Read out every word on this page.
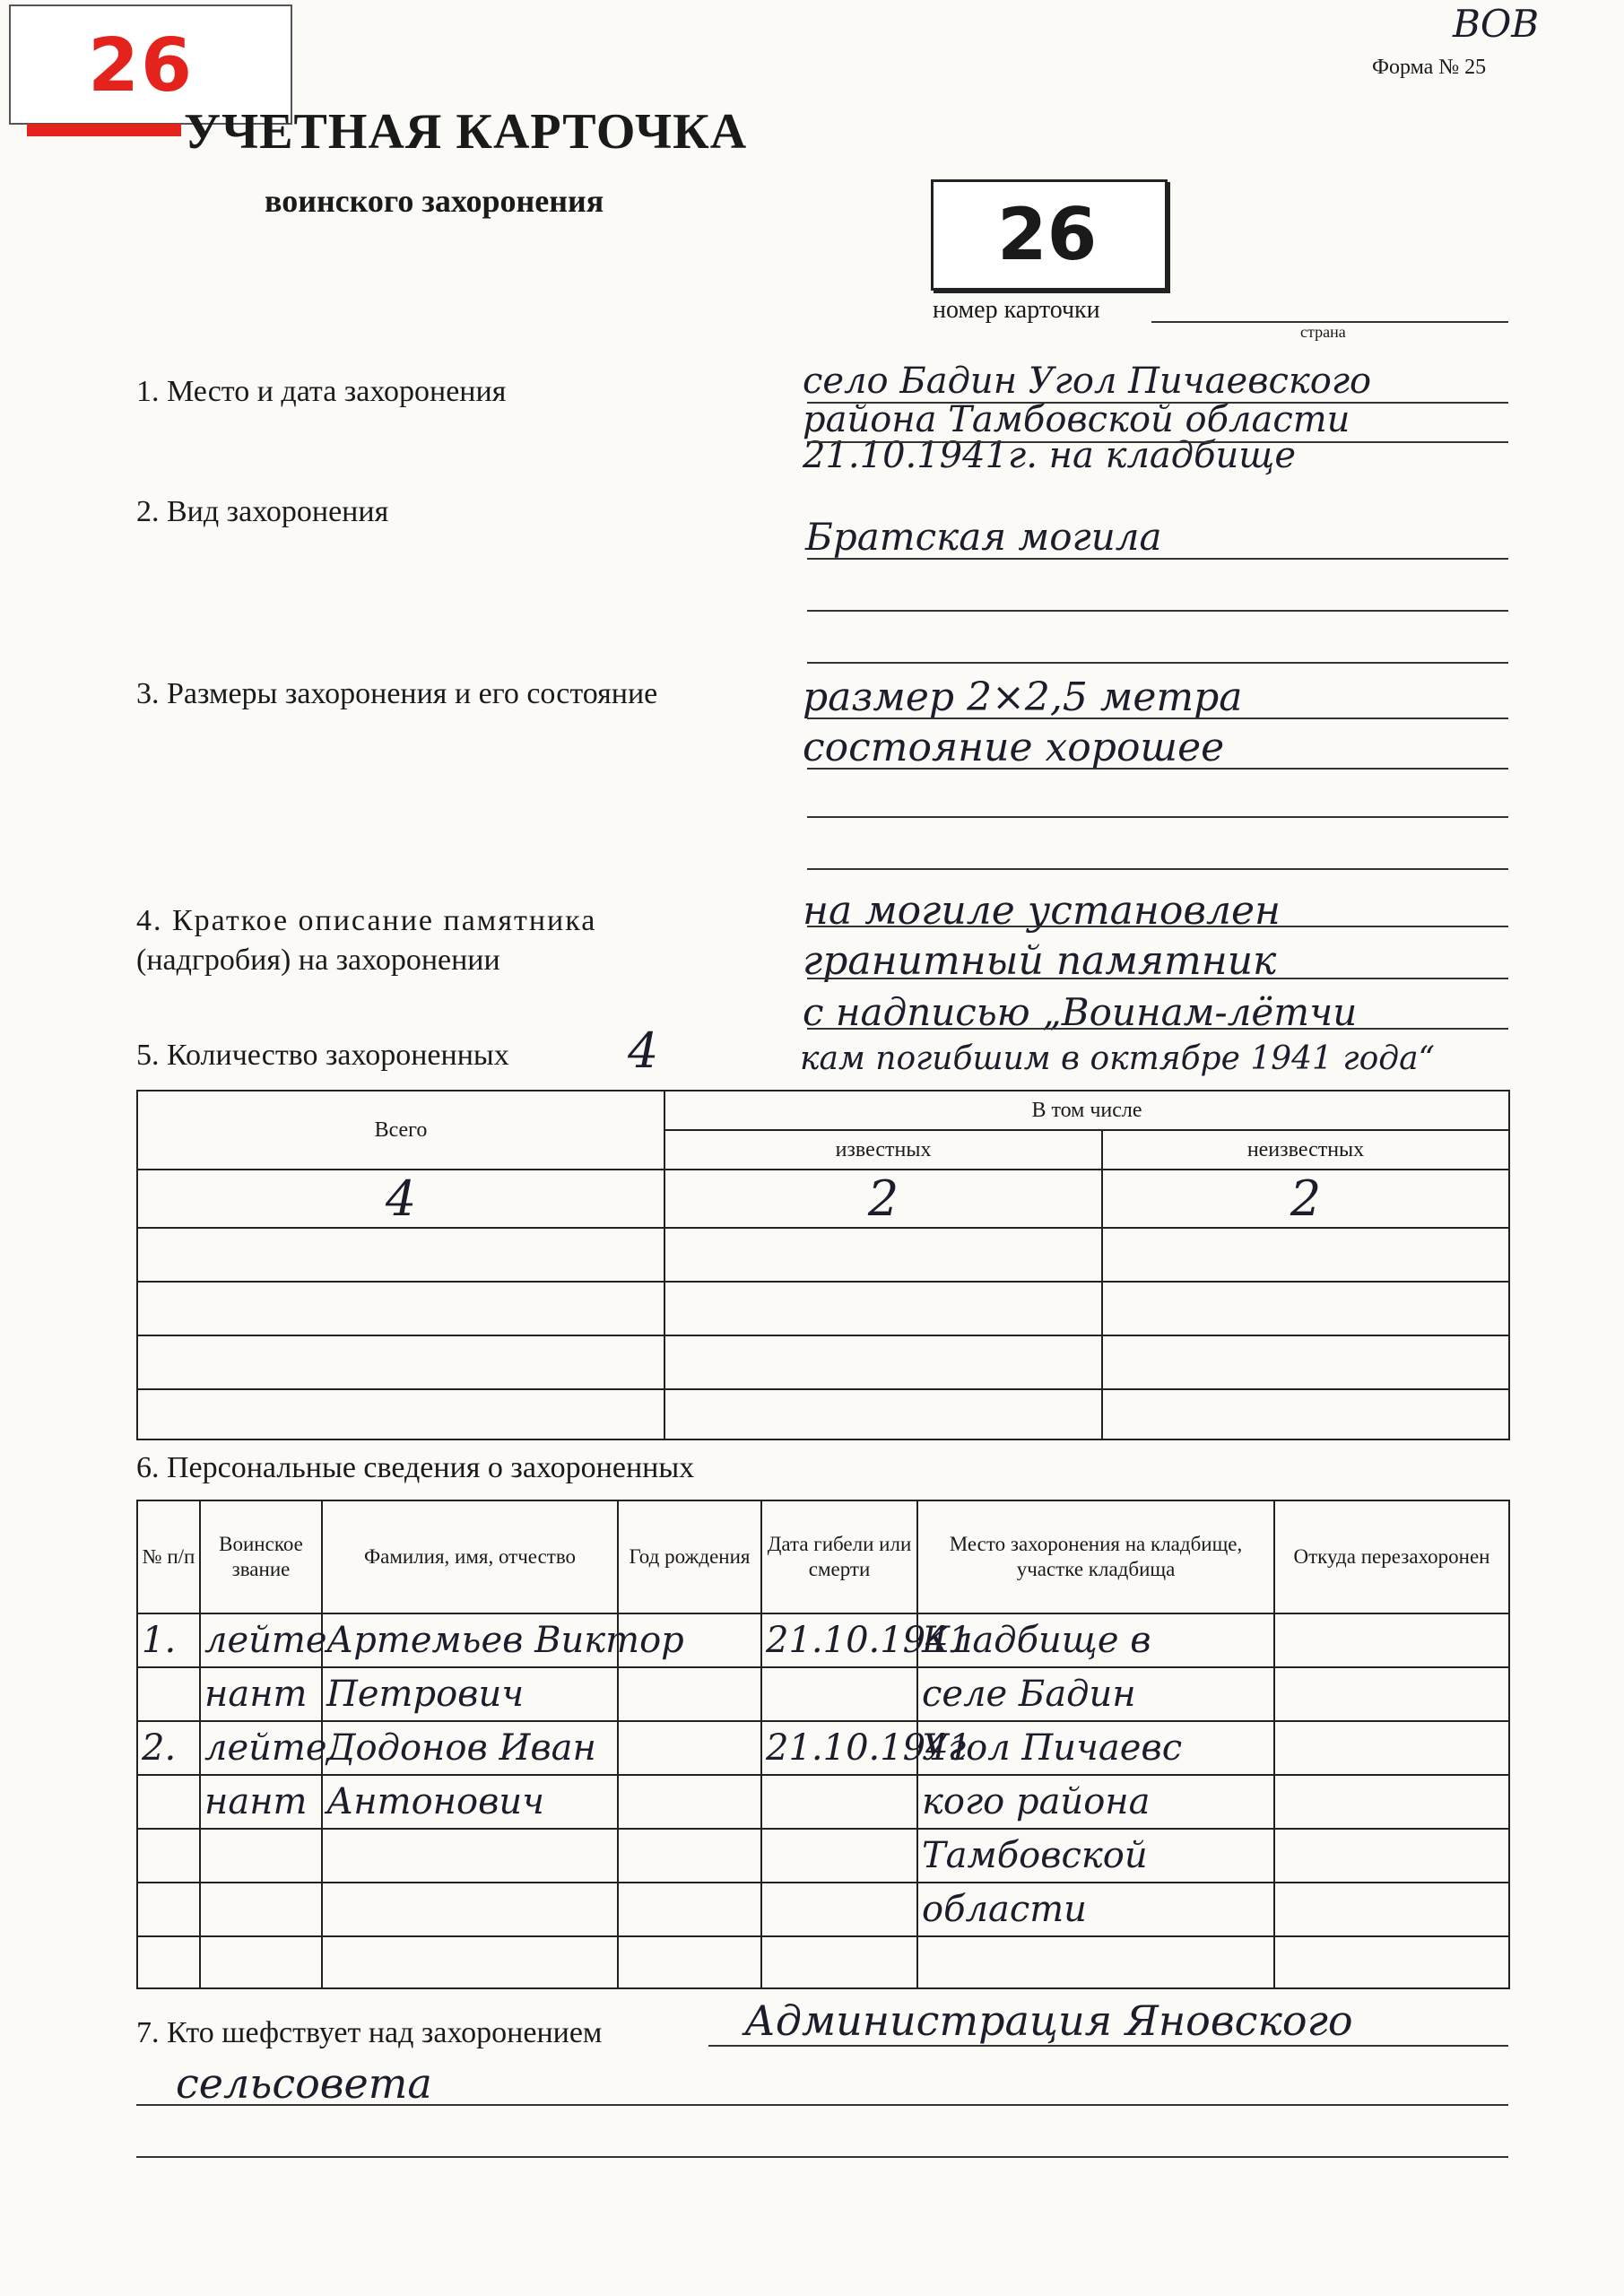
26	ВОВ
Форма № 25
УЧЕТНАЯ КАРТОЧКА
воинского захоронения	26
номер карточки
страна
1. Место и дата захоронения	село Бадин Угол Пичаевского
района Тамбовской области
21.10.1941г. на кладбище
2. Вид захоронения
Братская могила
3. Размеры захоронения и его состояние	размер 2×2,5 метра
состояние хорошее
4. Краткое описание памятника
(надгробия) на захоронении
на могиле установлен
гранитный памятник
с надписью „Воинам-лётчи
кам погибшим в октябре 1941 года“
5. Количество захороненных 4
Всего	В том числе	
	известных	неизвестных
4	2	2

6. Персональные сведения о захороненных
№ п/п	Воинское звание	Фамилия, имя, отчество	Год рождения	Дата гибели или смерти	Место захоронения на кладбище, участке кладбища	Откуда перезахоронен
1.	лейте	Артемьев Виктор		21.10.1941	Кладбище в	
	нант	Петрович			селе Бадин	
2.	лейте	Додонов Иван		21.10.1941	Угол Пичаевс	
	нант	Антонович			кого района	
					Тамбовской	
					области	

7. Кто шефствует над захоронением	Администрация Яновского
сельсовета
